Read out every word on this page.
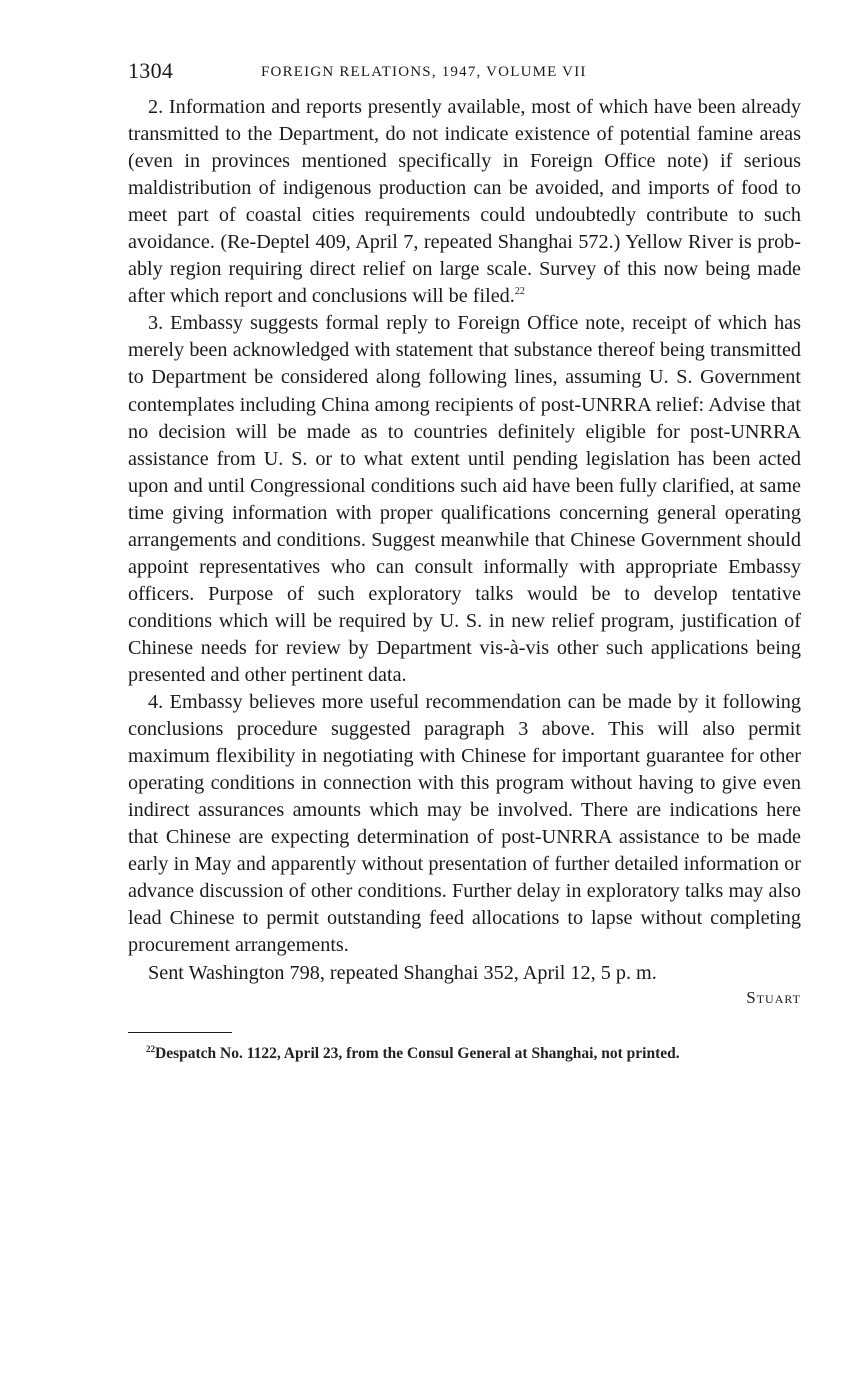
1304	FOREIGN RELATIONS, 1947, VOLUME VII

2. Information and reports presently available, most of which have been already transmitted to the Department, do not indicate existence of potential famine areas (even in provinces mentioned specifically in Foreign Office note) if serious maldistribution of indigenous production can be avoided, and imports of food to meet part of coastal cities requirements could undoubtedly contribute to such avoidance. (Re-Deptel 409, April 7, repeated Shanghai 572.) Yellow River is probably region requiring direct relief on large scale. Survey of this now being made after which report and conclusions will be filed.$^{22}$

3. Embassy suggests formal reply to Foreign Office note, receipt of which has merely been acknowledged with statement that substance thereof being transmitted to Department be considered along following lines, assuming U. S. Government contemplates including China among recipients of post-UNRRA relief: Advise that no decision will be made as to countries definitely eligible for post-UNRRA assistance from U. S. or to what extent until pending legislation has been acted upon and until Congressional conditions such aid have been fully clarified, at same time giving information with proper qualifications concerning general operating arrangements and conditions. Suggest meanwhile that Chinese Government should appoint representatives who can consult informally with appropriate Embassy officers. Purpose of such exploratory talks would be to develop tentative conditions which will be required by U. S. in new relief program, justification of Chinese needs for review by Department vis-à-vis other such applications being presented and other pertinent data.

4. Embassy believes more useful recommendation can be made by it following conclusions procedure suggested paragraph 3 above. This will also permit maximum flexibility in negotiating with Chinese for important guarantee for other operating conditions in connection with this program without having to give even indirect assurances amounts which may be involved. There are indications here that Chinese are expecting determination of post-UNRRA assistance to be made early in May and apparently without presentation of further detailed information or advance discussion of other conditions. Further delay in exploratory talks may also lead Chinese to permit outstanding feed allocations to lapse without completing procurement arrangements.

Sent Washington 798, repeated Shanghai 352, April 12, 5 p. m.

Stuart
$^{22}$Despatch No. 1122, April 23, from the Consul General at Shanghai, not printed.
